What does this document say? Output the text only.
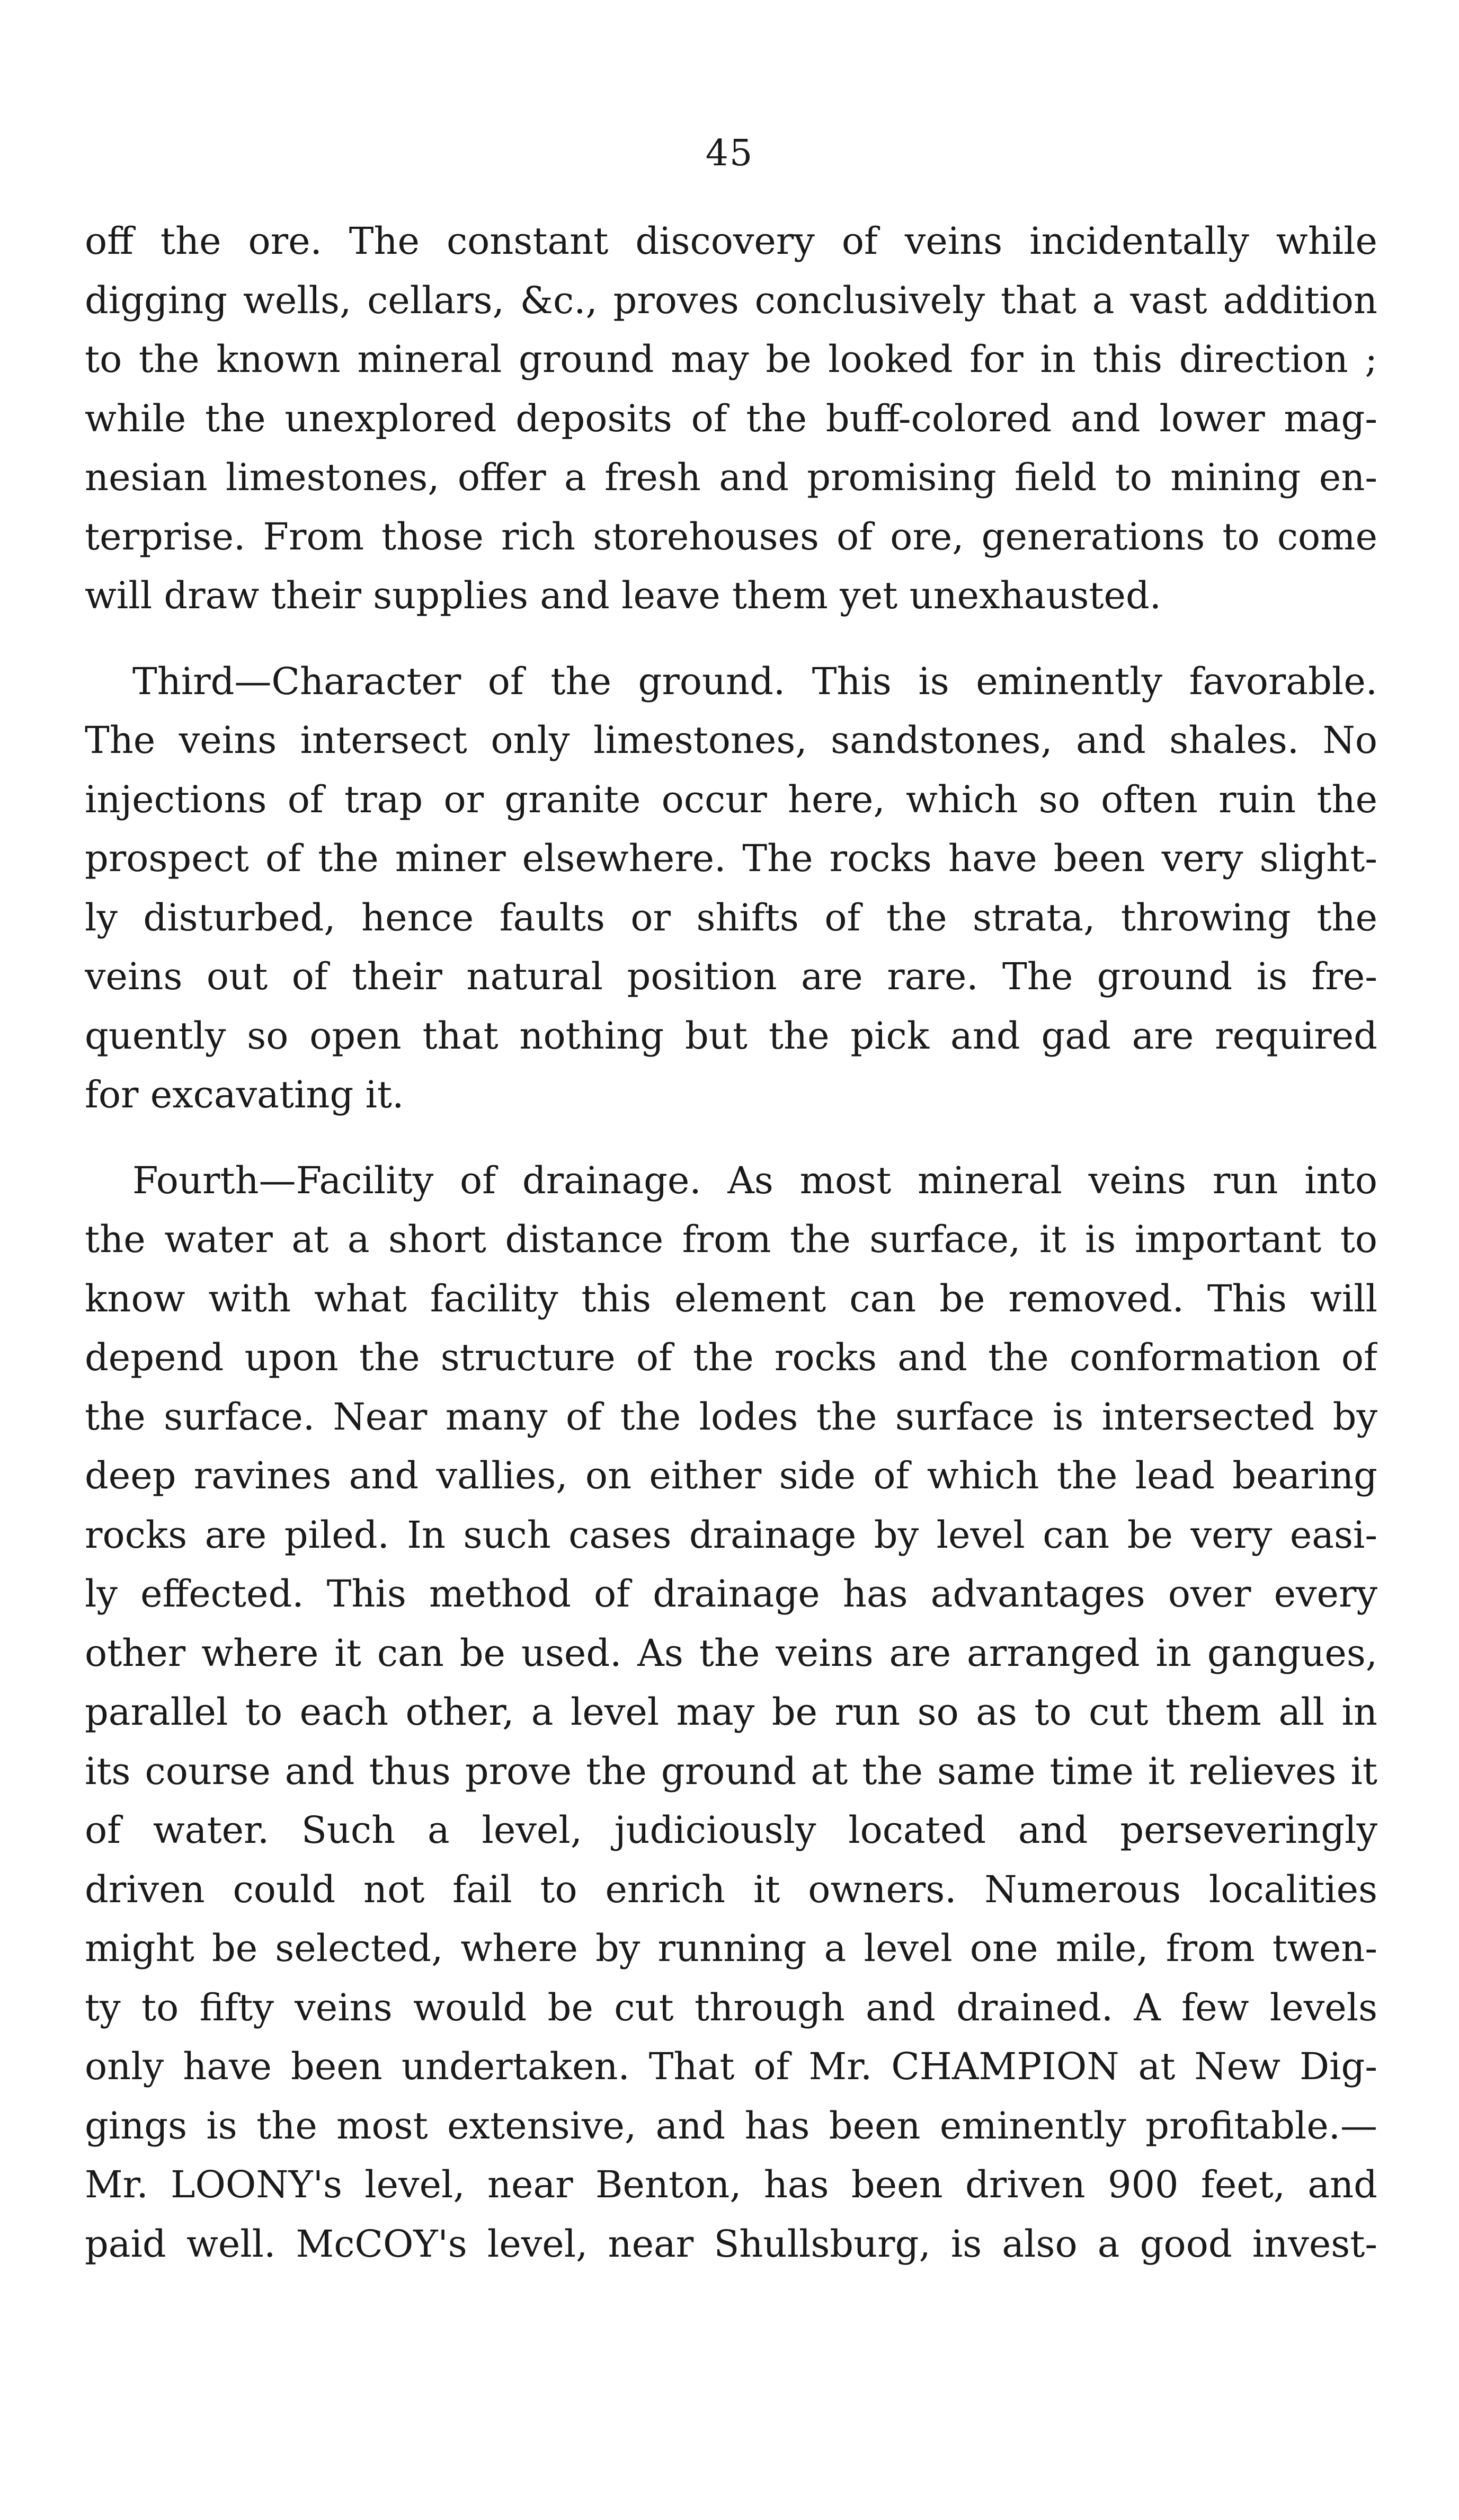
45
off the ore. The constant discovery of veins incidentally while
digging wells, cellars, &c., proves conclusively that a vast addition
to the known mineral ground may be looked for in this direction ;
while the unexplored deposits of the buff-colored and lower mag-
nesian limestones, offer a fresh and promising field to mining en-
terprise. From those rich storehouses of ore, generations to come
will draw their supplies and leave them yet unexhausted.
Third—Character of the ground. This is eminently favorable.
The veins intersect only limestones, sandstones, and shales. No
injections of trap or granite occur here, which so often ruin the
prospect of the miner elsewhere. The rocks have been very slight-
ly disturbed, hence faults or shifts of the strata, throwing the
veins out of their natural position are rare. The ground is fre-
quently so open that nothing but the pick and gad are required
for excavating it.
Fourth—Facility of drainage. As most mineral veins run into
the water at a short distance from the surface, it is important to
know with what facility this element can be removed. This will
depend upon the structure of the rocks and the conformation of
the surface. Near many of the lodes the surface is intersected by
deep ravines and vallies, on either side of which the lead bearing
rocks are piled. In such cases drainage by level can be very easi-
ly effected. This method of drainage has advantages over every
other where it can be used. As the veins are arranged in gangues,
parallel to each other, a level may be run so as to cut them all in
its course and thus prove the ground at the same time it relieves it
of water. Such a level, judiciously located and perseveringly
driven could not fail to enrich it owners. Numerous localities
might be selected, where by running a level one mile, from twen-
ty to fifty veins would be cut through and drained. A few levels
only have been undertaken. That of Mr. CHAMPION at New Dig-
gings is the most extensive, and has been eminently profitable.—
Mr. LOONY's level, near Benton, has been driven 900 feet, and
paid well. McCOY's level, near Shullsburg, is also a good invest-
